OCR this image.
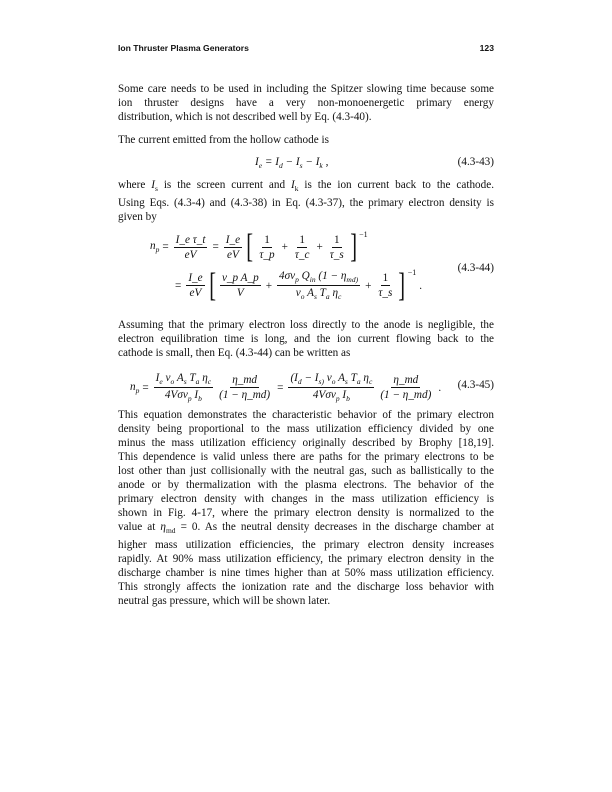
Ion Thruster Plasma Generators	123
Some care needs to be used in including the Spitzer slowing time because some
ion thruster designs have a very non-monoenergetic primary energy
distribution, which is not described well by Eq. (4.3-40).
The current emitted from the hollow cathode is
$I_e = I_d - I_s - I_k$ ,	(4.3-43)
where $I_s$ is the screen current and $I_k$ is the ion current back to the cathode.
Using Eqs. (4.3-4) and (4.3-38) in Eq. (4.3-37), the primary electron density is
given by
$n_p = \frac{\text{I\_e τ\_t}}{eV} = \frac{I\_e}{eV}$ [ $\frac{1}{\tau\_p} + \frac{1}{\tau\_c} + \frac{1}{\tau\_s}$ ] −1
= $\frac{I\_e}{eV}$ [ $\frac{\text{v\_p A\_p}}{V} + \frac{4\sigma v_p Q_{in} (1 - \eta_{md)}}{v_o A_s T_a \eta_c} + \frac{1}{\tau\_s}$ ] −1
.
(4.3-44)
Assuming that the primary electron loss directly to the anode is negligible, the
electron equilibration time is long, and the ion current flowing back to the
cathode is small, then Eq. (4.3-44) can be written as
$n_p = \frac{I_e v_o A_s T_a \eta_c}{4V\sigma v_p I_b} \frac{\eta\_md}{(1 - \eta\_md)} = \frac{(I_d - I_{s)} v_o A_s T_a \eta_c}{4V\sigma v_p I_b} \frac{\eta\_md}{(1 - \eta\_md)}$ .	(4.3-45)
This equation demonstrates the characteristic behavior of the primary electron
density being proportional to the mass utilization efficiency divided by one
minus the mass utilization efficiency originally described by Brophy [18,19].
This dependence is valid unless there are paths for the primary electrons to be
lost other than just collisionally with the neutral gas, such as ballistically to the
anode or by thermalization with the plasma electrons. The behavior of the
primary electron density with changes in the mass utilization efficiency is
shown in Fig. 4-17, where the primary electron density is normalized to the
value at $\eta_{md} = 0$. As the neutral density decreases in the discharge chamber at
higher mass utilization efficiencies, the primary electron density increases
rapidly. At 90% mass utilization efficiency, the primary electron density in the
discharge chamber is nine times higher than at 50% mass utilization efficiency.
This strongly affects the ionization rate and the discharge loss behavior with
neutral gas pressure, which will be shown later.
